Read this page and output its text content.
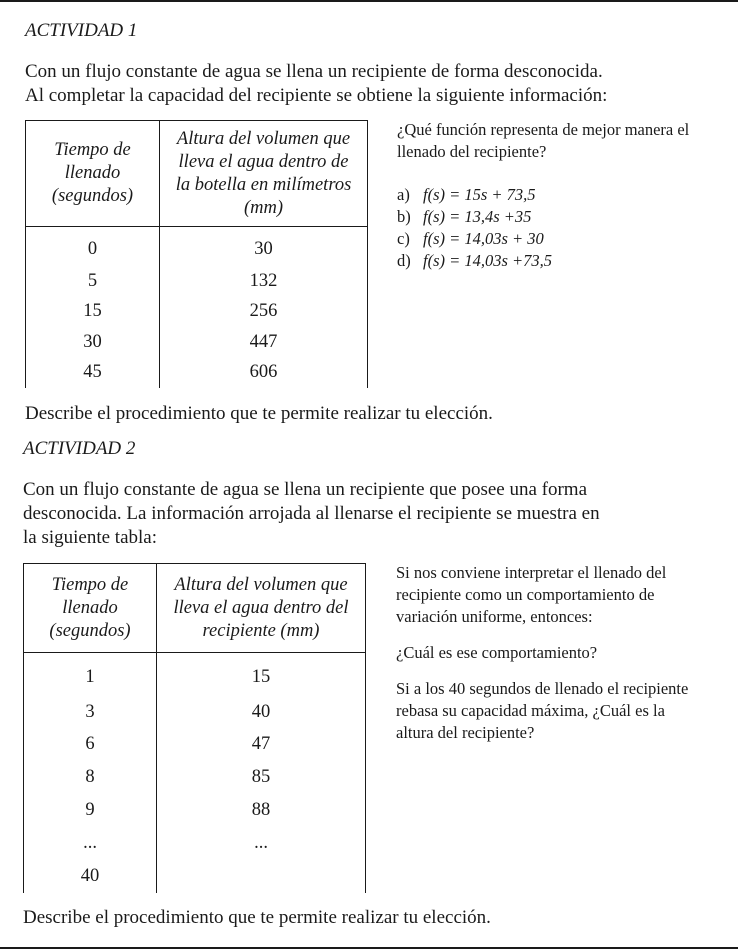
ACTIVIDAD 1
Con un flujo constante de agua se llena un recipiente de forma desconocida.
Al completar la capacidad del recipiente se obtiene la siguiente información:
Tiempo de llenado (segundos)	Altura del volumen que lleva el agua dentro de la botella en milímetros (mm)
0	30
5	132
15	256
30	447
45	606
¿Qué función representa de mejor manera el llenado del recipiente?
a) f(s) = 15s + 73,5
b) f(s) = 13,4s +35
c) f(s) = 14,03s + 30
d) f(s) = 14,03s +73,5
Describe el procedimiento que te permite realizar tu elección.
ACTIVIDAD 2
Con un flujo constante de agua se llena un recipiente que posee una forma
desconocida. La información arrojada al llenarse el recipiente se muestra en
la siguiente tabla:
Tiempo de llenado (segundos)	Altura del volumen que lleva el agua dentro del recipiente (mm)
1	15
3	40
6	47
8	85
9	88
...	...
40	
Si nos conviene interpretar el llenado del recipiente como un comportamiento de variación uniforme, entonces:
¿Cuál es ese comportamiento?
Si a los 40 segundos de llenado el recipiente rebasa su capacidad máxima, ¿Cuál es la altura del recipiente?
Describe el procedimiento que te permite realizar tu elección.
